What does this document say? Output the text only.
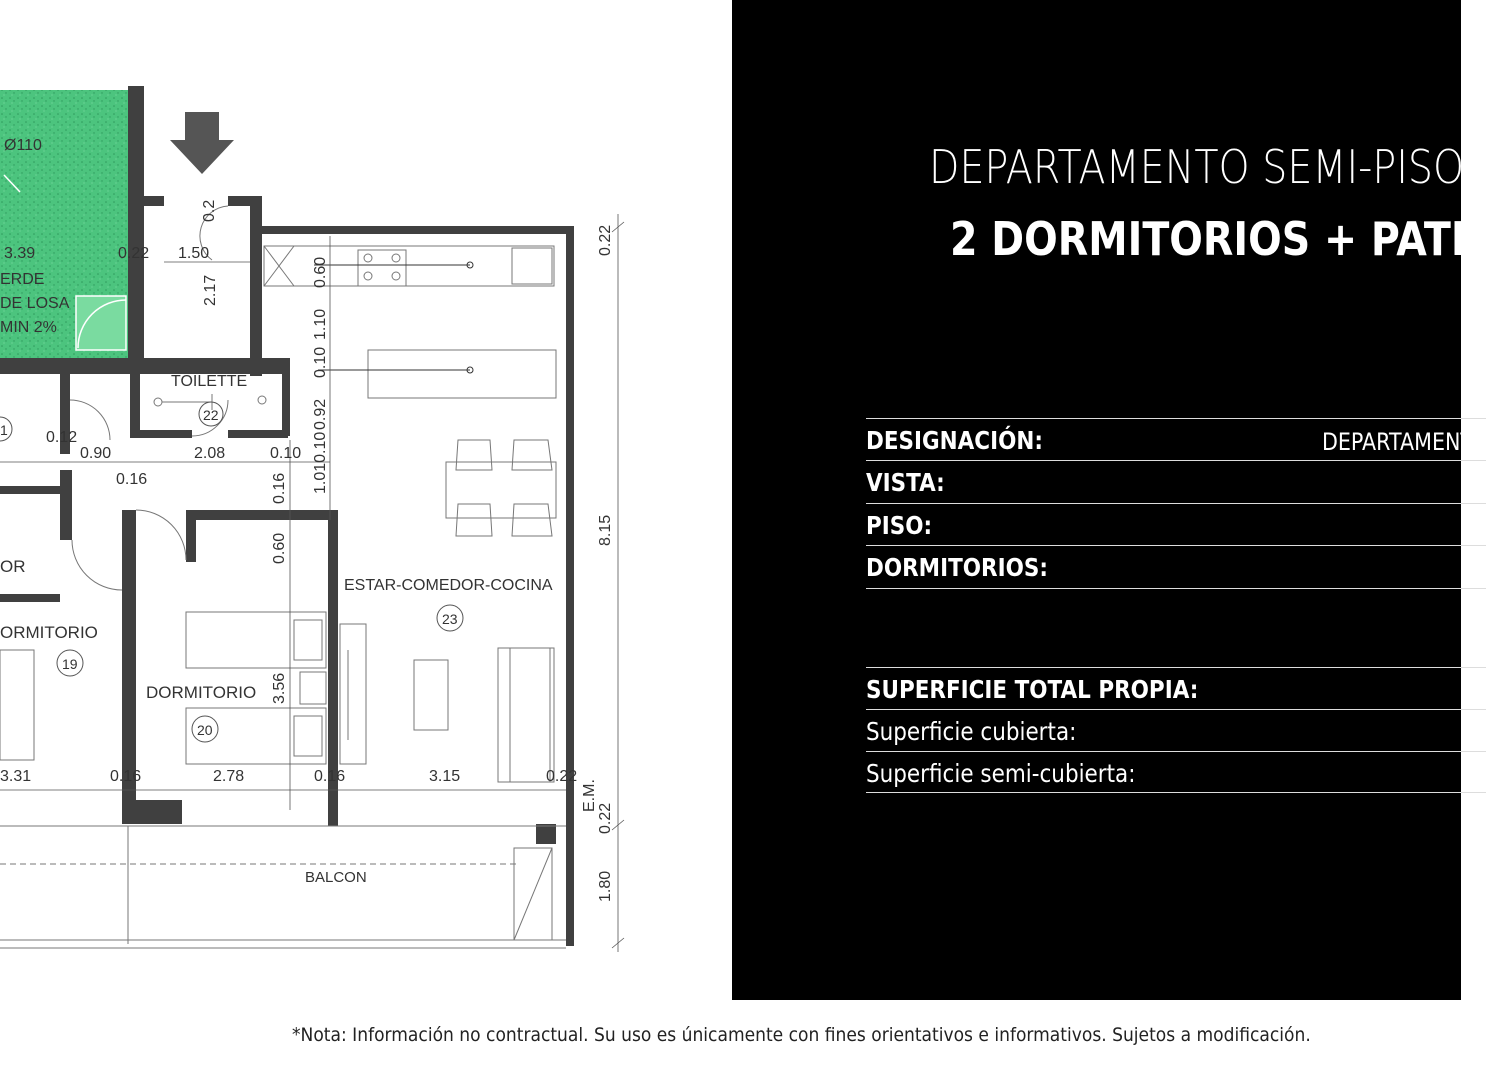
Ø110
3.39
ERDE
DE LOSA
MIN 2%
TOILETTE
ESTAR-COMEDOR-COCINA
ORMITORIO
DORMITORIO
OR
BALCON
22
23
19
20
1
0.22 1.50
0.12
0.90	2.08	0.10
0.16
3.31	0.16	2.78	0.16	3.15	0.22
0.2
2.17
0.60
1.10
0.10
0.92
1.010.10
0.16
0.60
3.56
0.22
8.15
E.M.
0.22
1.80
DEPARTAMENTO SEMI-PISO
2 DORMITORIOS + PATIO
DESIGNACIÓN:	DEPARTAMENTO
VISTA:
PISO:
DORMITORIOS:
SUPERFICIE TOTAL PROPIA:
Superficie cubierta:
Superficie semi-cubierta:
*Nota: Información no contractual. Su uso es únicamente con fines orientativos e informativos. Sujetos a modificación.
